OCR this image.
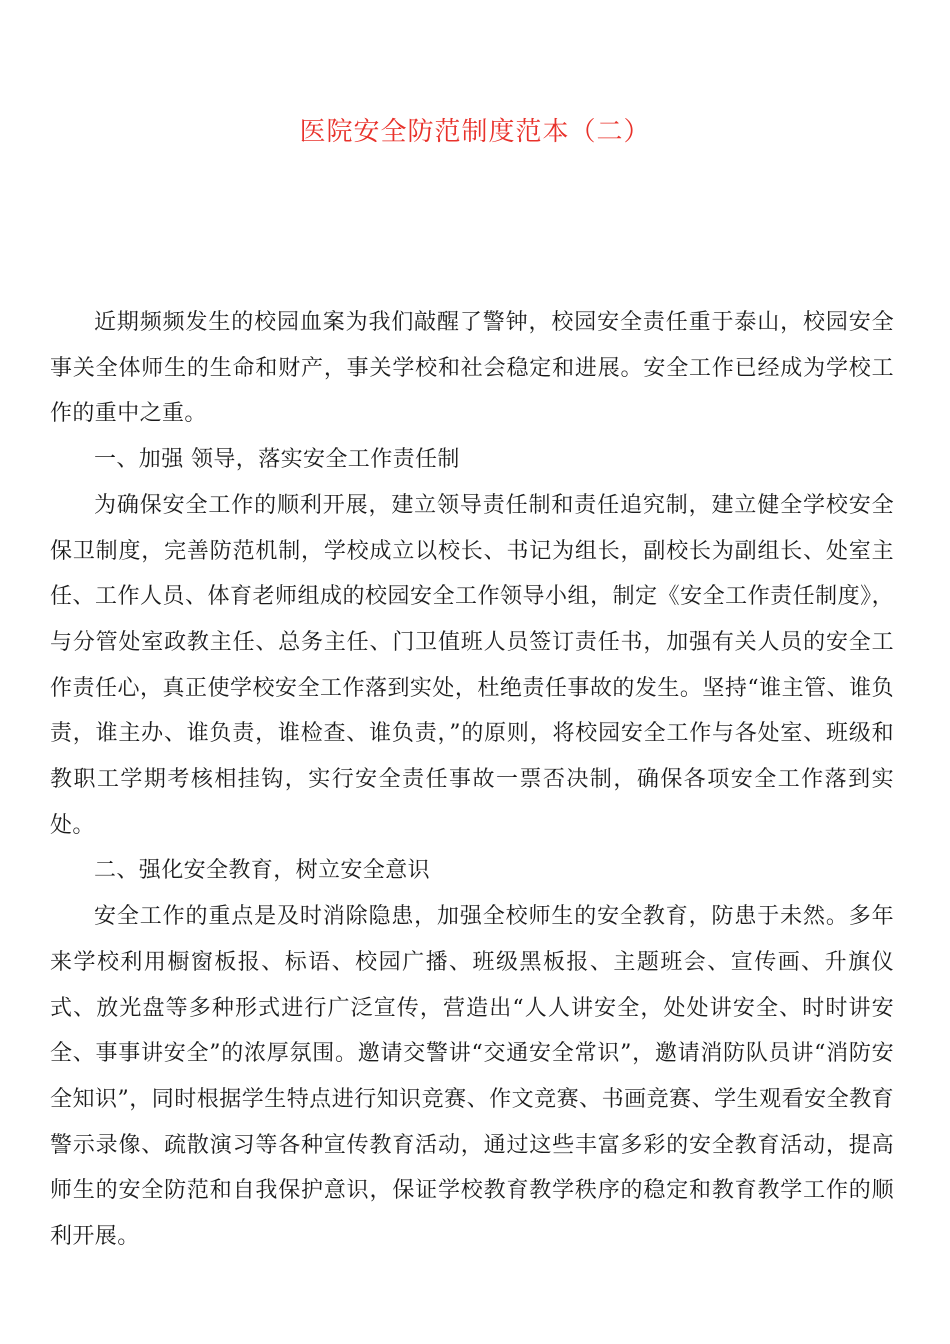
医院安全防范制度范本（二）

近期频频发生的校园血案为我们敲醒了警钟，校园安全责任重于泰山，校园安全事关全体师生的生命和财产，事关学校和社会稳定和进展。安全工作已经成为学校工作的重中之重。

一、加强 领导，落实安全工作责任制

为确保安全工作的顺利开展，建立领导责任制和责任追究制，建立健全学校安全保卫制度，完善防范机制，学校成立以校长、书记为组长，副校长为副组长、处室主任、工作人员、体育老师组成的校园安全工作领导小组，制定《安全工作责任制度》，与分管处室政教主任、总务主任、门卫值班人员签订责任书，加强有关人员的安全工作责任心，真正使学校安全工作落到实处，杜绝责任事故的发生。坚持“谁主管、谁负责，谁主办、谁负责，谁检查、谁负责，”的原则，将校园安全工作与各处室、班级和教职工学期考核相挂钩，实行安全责任事故一票否决制，确保各项安全工作落到实处。

二、强化安全教育，树立安全意识

安全工作的重点是及时消除隐患，加强全校师生的安全教育，防患于未然。多年来学校利用橱窗板报、标语、校园广播、班级黑板报、主题班会、宣传画、升旗仪式、放光盘等多种形式进行广泛宣传，营造出“人人讲安全，处处讲安全、时时讲安全、事事讲安全”的浓厚氛围。邀请交警讲“交通安全常识”，邀请消防队员讲“消防安全知识”，同时根据学生特点进行知识竞赛、作文竞赛、书画竞赛、学生观看安全教育警示录像、疏散演习等各种宣传教育活动，通过这些丰富多彩的安全教育活动，提高师生的安全防范和自我保护意识，保证学校教育教学秩序的稳定和教育教学工作的顺利开展。
